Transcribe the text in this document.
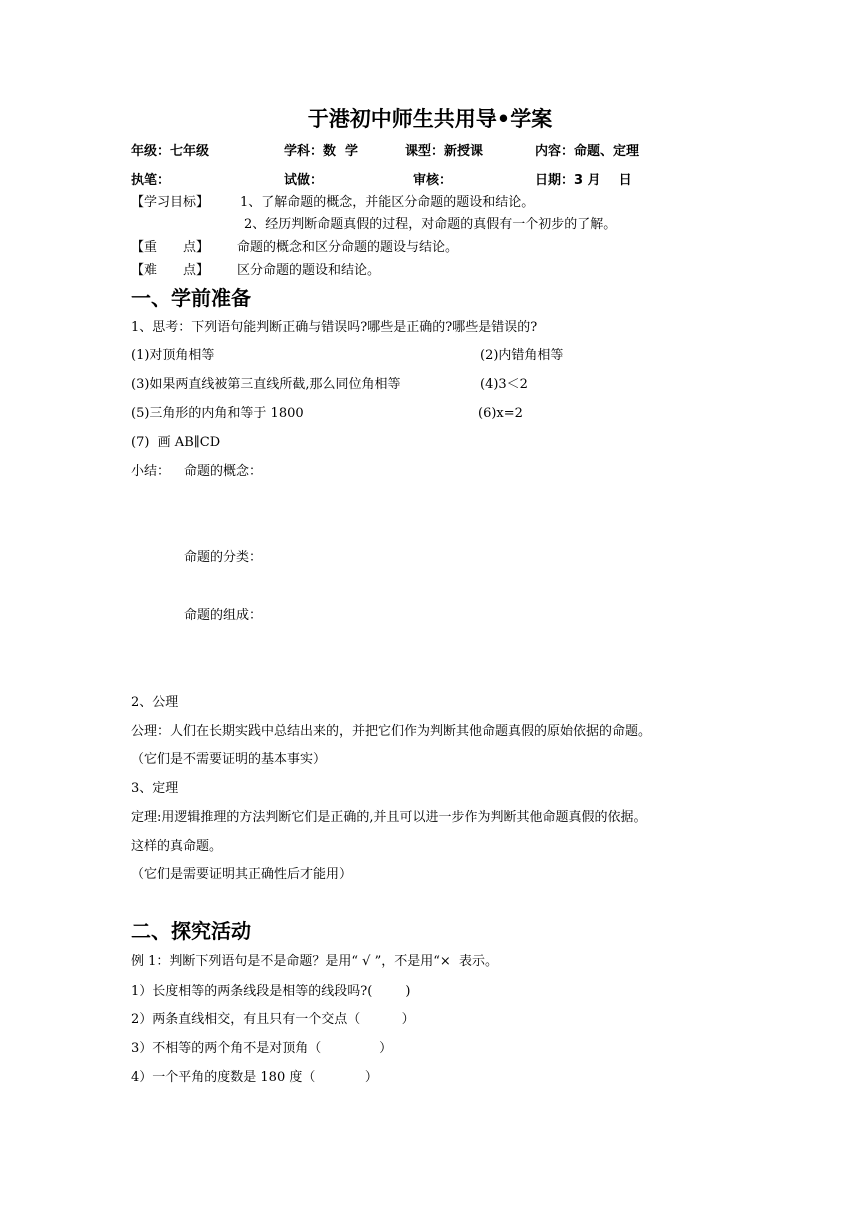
于港初中师生共用导•学案
年级：七年级	学科：数  学	课型：新授课	内容：命题、定理
执笔：	试做：	审核：	日期：3 月    日
【学习目标】 1、了解命题的概念，并能区分命题的题设和结论。
2、经历判断命题真假的过程，对命题的真假有一个初步的了解。
【重　　点】 命题的概念和区分命题的题设与结论。
【难　　点】 区分命题的题设和结论。
一、学前准备
1、思考：下列语句能判断正确与错误吗?哪些是正确的?哪些是错误的?
(1)对顶角相等	(2)内错角相等
(3)如果两直线被第三直线所截,那么同位角相等	(4)3＜2
(5)三角形的内角和等于 1800	(6)x=2
(7)  画 AB∥CD
小结： 命题的概念：
命题的分类：
命题的组成：
2、公理
公理：人们在长期实践中总结出来的，并把它们作为判断其他命题真假的原始依据的命题。
（它们是不需要证明的基本事实）
3、定理
定理:用逻辑推理的方法判断它们是正确的,并且可以进一步作为判断其他命题真假的依据。
这样的真命题。
（它们是需要证明其正确性后才能用）
二、探究活动
例 1：判断下列语句是不是命题？是用“ √ ”，不是用“×  表示。
1）长度相等的两条线段是相等的线段吗?(        )
2）两条直线相交，有且只有一个交点（          ）
3）不相等的两个角不是对顶角（              ）
4）一个平角的度数是 180 度（            ）
